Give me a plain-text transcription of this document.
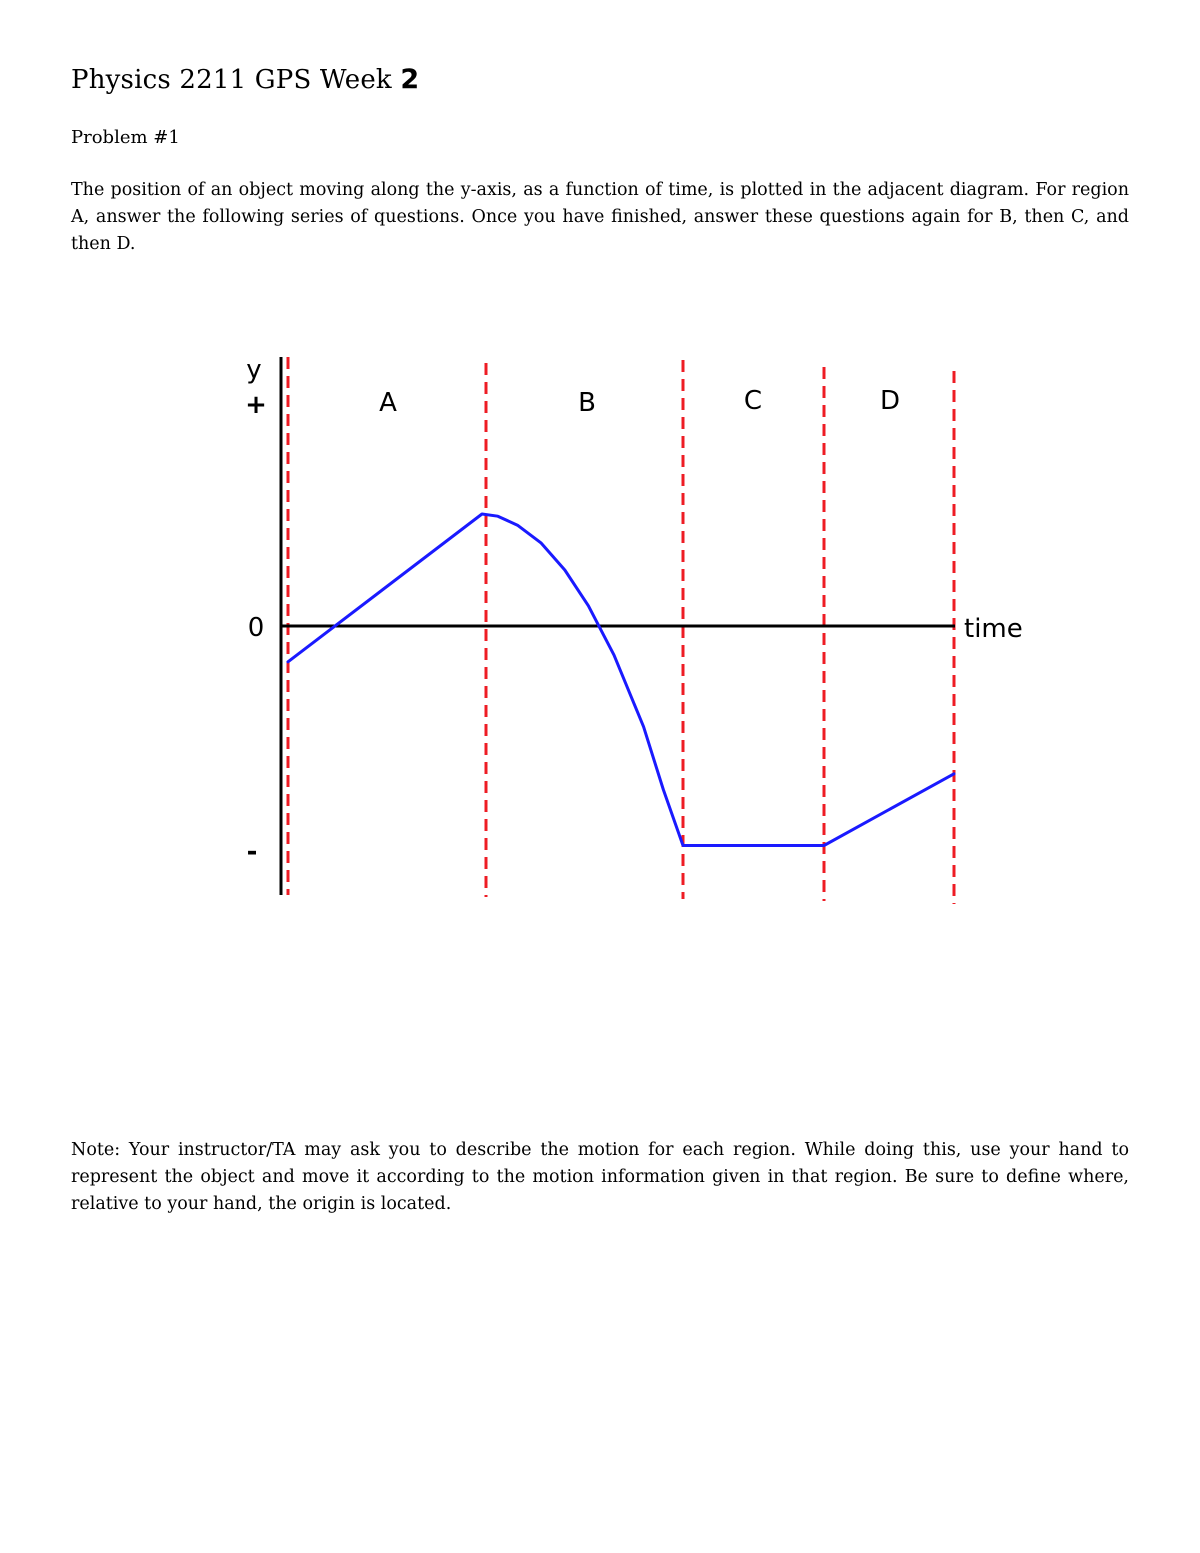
Physics 2211 GPS Week 2
Problem #1

The position of an object moving along the y-axis, as a function of time, is plotted in the adjacent diagram. For region A, answer the following series of questions. Once you have finished, answer these questions again for B, then C, and then D.

y
+
0
-
time
A	B	C	D

Note: Your instructor/TA may ask you to describe the motion for each region. While doing this, use your hand to represent the object and move it according to the motion information given in that region. Be sure to define where, relative to your hand, the origin is located.
